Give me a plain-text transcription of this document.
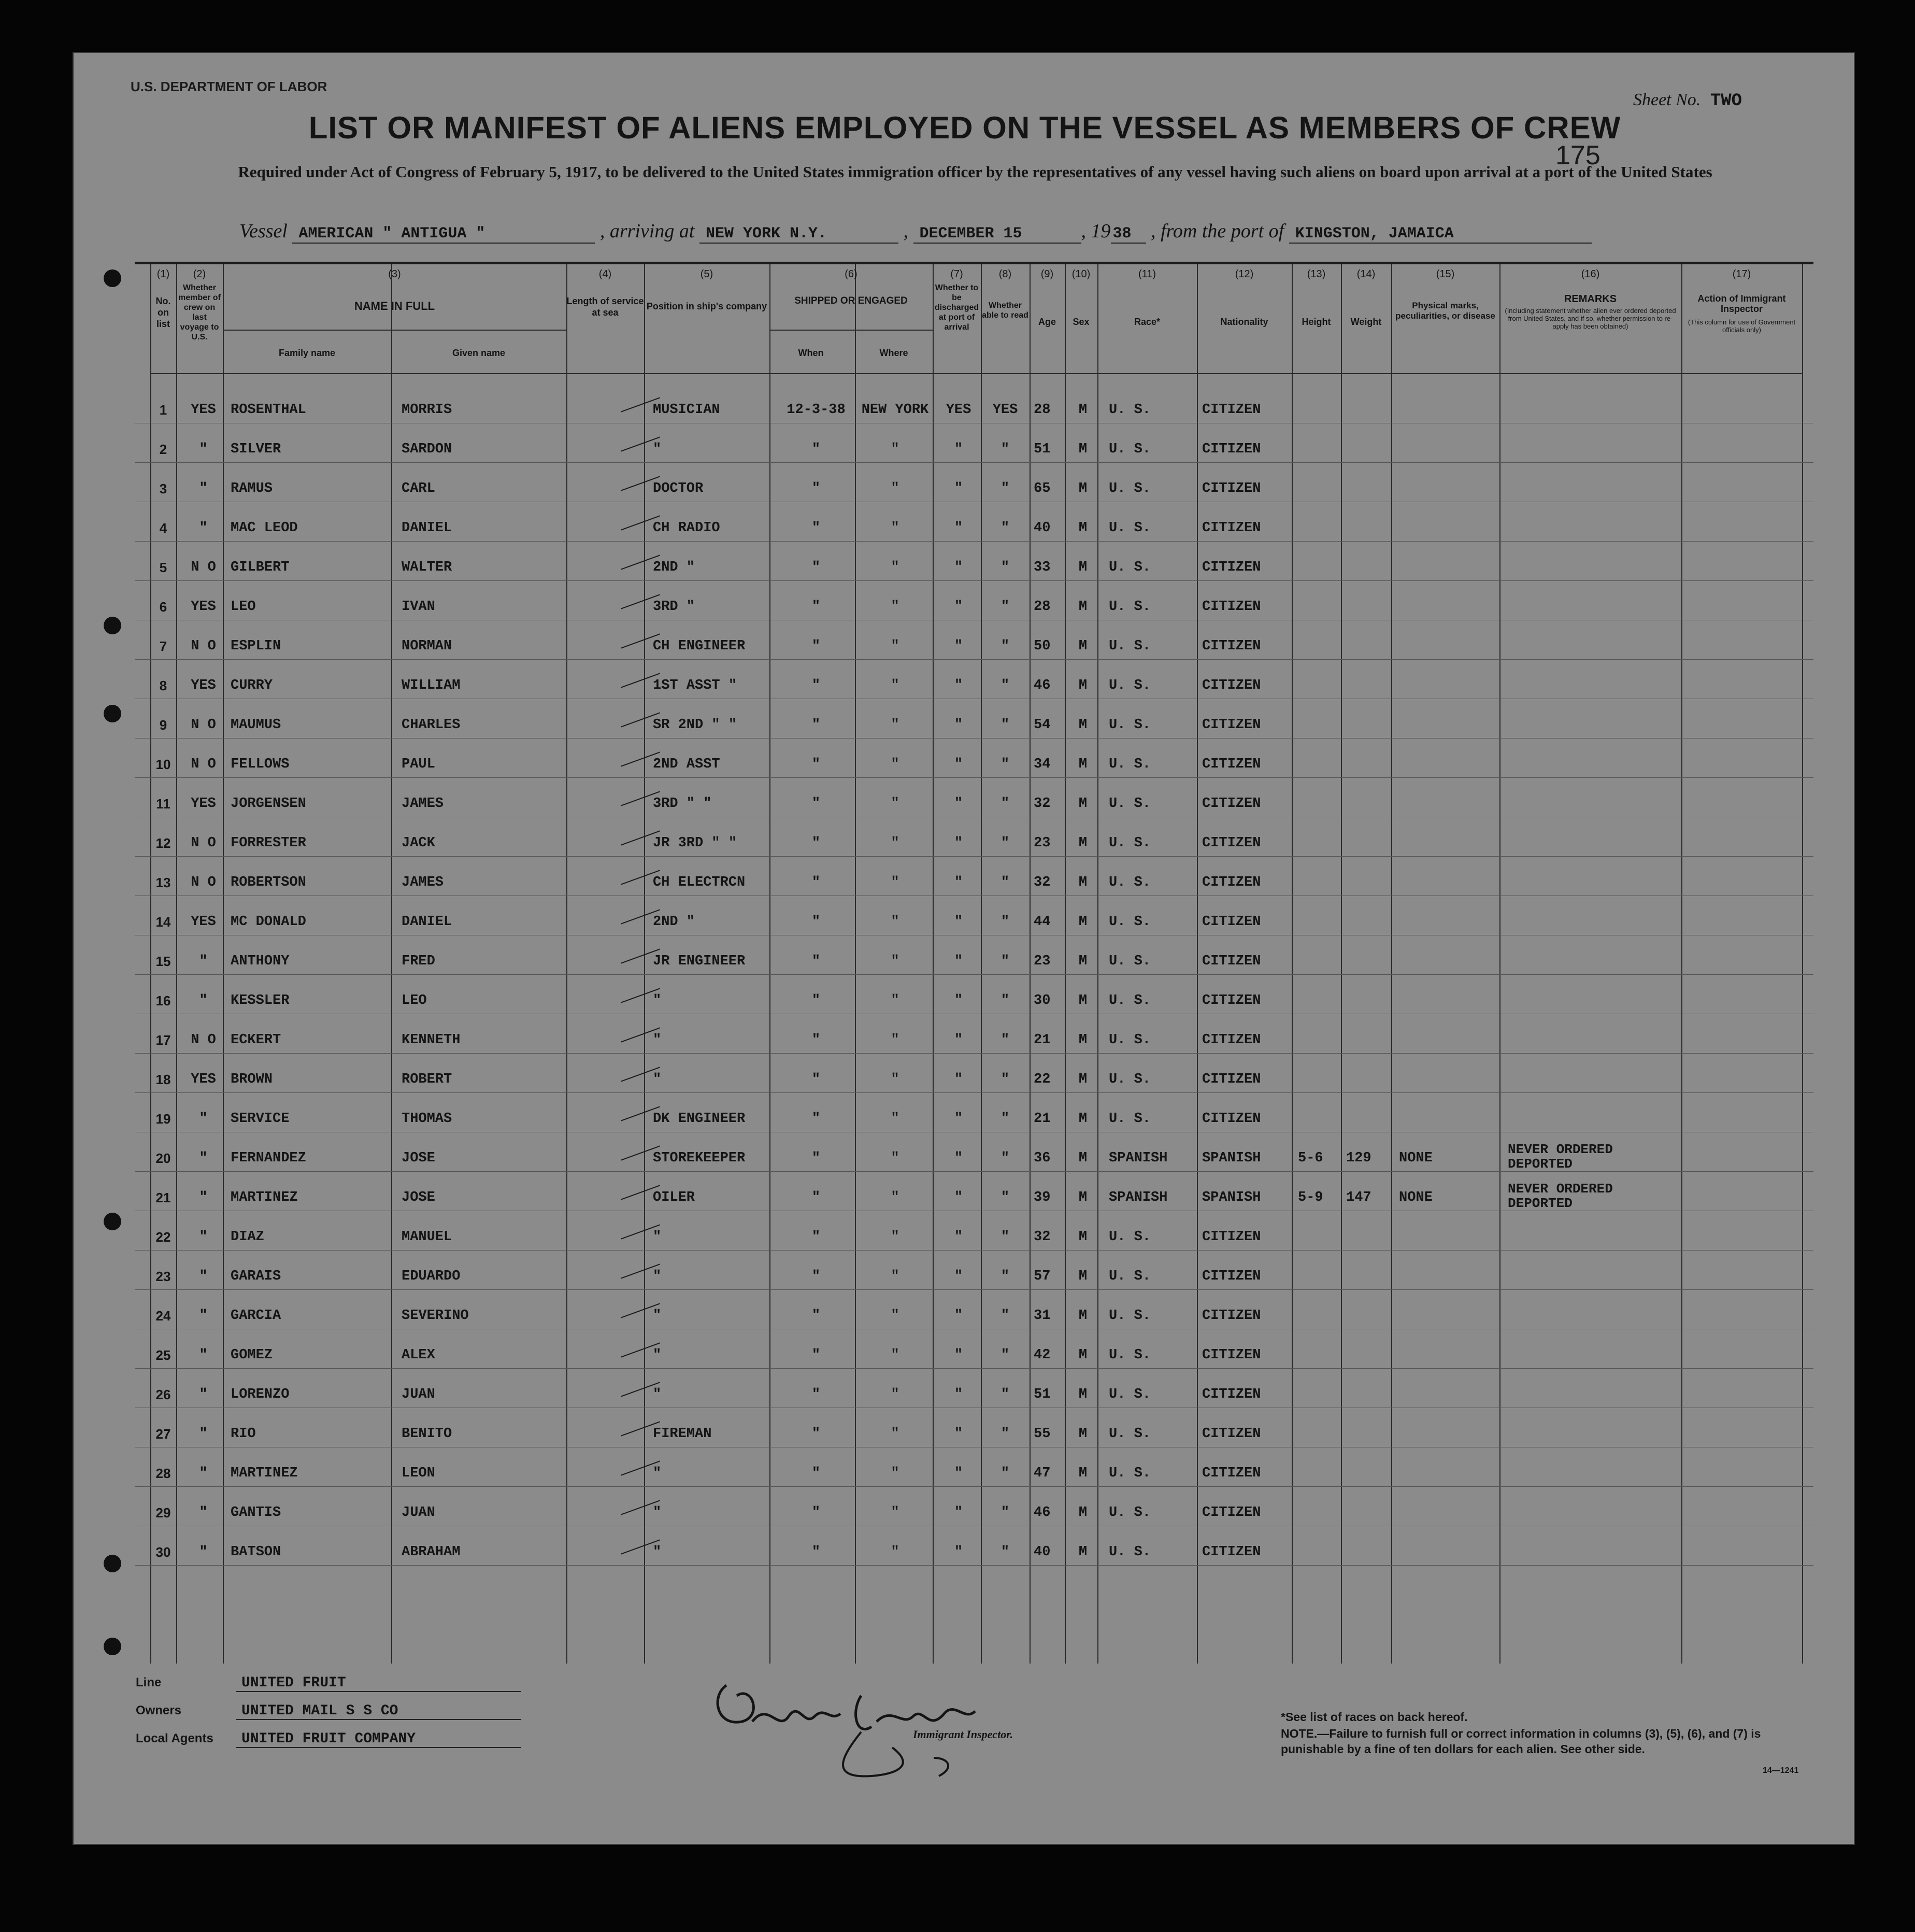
U.S. DEPARTMENT OF LABOR
Sheet No. TWO
175
LIST OR MANIFEST OF ALIENS EMPLOYED ON THE VESSEL AS MEMBERS OF CREW
Required under Act of Congress of February 5, 1917, to be delivered to the United States immigration officer by the representatives of any vessel having such aliens on board upon arrival at a port of the United States
Vessel AMERICAN " ANTIGUA "	, arriving at NEW YORK N.Y.	, DECEMBER 15	, 19 38 , from the port of KINGSTON, JAMAICA
(1)	(2)	(3)	(4)	(5)	(6)	(7)	(8)	(9)	(10)	(11)	(12)	(13)	(14)	(15)	(16)	(17)
No. on list
Whether member of crew on last voyage to U.S.
NAME IN FULL
Family name	Given name
Length of service at sea
Position in ship's company	SHIPPED OR ENGAGED
When	Where
Whether to be discharged at port of arrival
Whether able to read
Age	Sex	Race*	Nationality	Height	Weight
Physical marks, peculiarities, or disease
REMARKS
(Including statement whether alien ever ordered deported from United States, and if so, whether permission to re-apply has been obtained)
Action of Immigrant Inspector
(This column for use of Government officials only)
1	YES	ROSENTHAL	MORRIS	MUSICIAN	12-3-38	NEW YORK	YES	YES	28	M	U. S.	CITIZEN
2	"	SILVER	SARDON	"	"	"	"	"	51	M	U. S.	CITIZEN
3	"	RAMUS	CARL	DOCTOR	"	"	"	"	65	M	U. S.	CITIZEN
4	"	MAC LEOD	DANIEL	CH RADIO	"	"	"	"	40	M	U. S.	CITIZEN
5	N O	GILBERT	WALTER	2ND "	"	"	"	"	33	M	U. S.	CITIZEN
6	YES	LEO	IVAN	3RD "	"	"	"	"	28	M	U. S.	CITIZEN
7	N O	ESPLIN	NORMAN	CH ENGINEER	"	"	"	"	50	M	U. S.	CITIZEN
8	YES	CURRY	WILLIAM	1ST ASST "	"	"	"	"	46	M	U. S.	CITIZEN
9	N O	MAUMUS	CHARLES	SR 2ND " "	"	"	"	"	54	M	U. S.	CITIZEN
10	N O	FELLOWS	PAUL	2ND ASST	"	"	"	"	34	M	U. S.	CITIZEN
11	YES	JORGENSEN	JAMES	3RD " "	"	"	"	"	32	M	U. S.	CITIZEN
12	N O	FORRESTER	JACK	JR 3RD " "	"	"	"	"	23	M	U. S.	CITIZEN
13	N O	ROBERTSON	JAMES	CH ELECTRCN	"	"	"	"	32	M	U. S.	CITIZEN
14	YES	MC DONALD	DANIEL	2ND "	"	"	"	"	44	M	U. S.	CITIZEN
15	"	ANTHONY	FRED	JR ENGINEER	"	"	"	"	23	M	U. S.	CITIZEN
16	"	KESSLER	LEO	"	"	"	"	"	30	M	U. S.	CITIZEN
17	N O	ECKERT	KENNETH	"	"	"	"	"	21	M	U. S.	CITIZEN
18	YES	BROWN	ROBERT	"	"	"	"	"	22	M	U. S.	CITIZEN
19	"	SERVICE	THOMAS	DK ENGINEER	"	"	"	"	21	M	U. S.	CITIZEN
20	"	FERNANDEZ	JOSE	STOREKEEPER	"	"	"	"	36	M	SPANISH	SPANISH	5-6	129	NONE
NEVER ORDERED DEPORTED
21	"	MARTINEZ	JOSE	OILER	"	"	"	"	39	M	SPANISH	SPANISH	5-9	147	NONE
NEVER ORDERED DEPORTED
22	"	DIAZ	MANUEL	"	"	"	"	"	32	M	U. S.	CITIZEN
23	"	GARAIS	EDUARDO	"	"	"	"	"	57	M	U. S.	CITIZEN
24	"	GARCIA	SEVERINO	"	"	"	"	"	31	M	U. S.	CITIZEN
25	"	GOMEZ	ALEX	"	"	"	"	"	42	M	U. S.	CITIZEN
26	"	LORENZO	JUAN	"	"	"	"	"	51	M	U. S.	CITIZEN
27	"	RIO	BENITO	FIREMAN	"	"	"	"	55	M	U. S.	CITIZEN
28	"	MARTINEZ	LEON	"	"	"	"	"	47	M	U. S.	CITIZEN
29	"	GANTIS	JUAN	"	"	"	"	"	46	M	U. S.	CITIZEN
30	"	BATSON	ABRAHAM	"	"	"	"	"	40	M	U. S.	CITIZEN
Line	UNITED FRUIT
Owners	UNITED MAIL S S CO
Local Agents UNITED FRUIT COMPANY	Immigrant Inspector.
*See list of races on back hereof.
NOTE.—Failure to furnish full or correct information in columns (3), (5), (6), and (7) is punishable by a fine of ten dollars for each alien. See other side.
14—1241
